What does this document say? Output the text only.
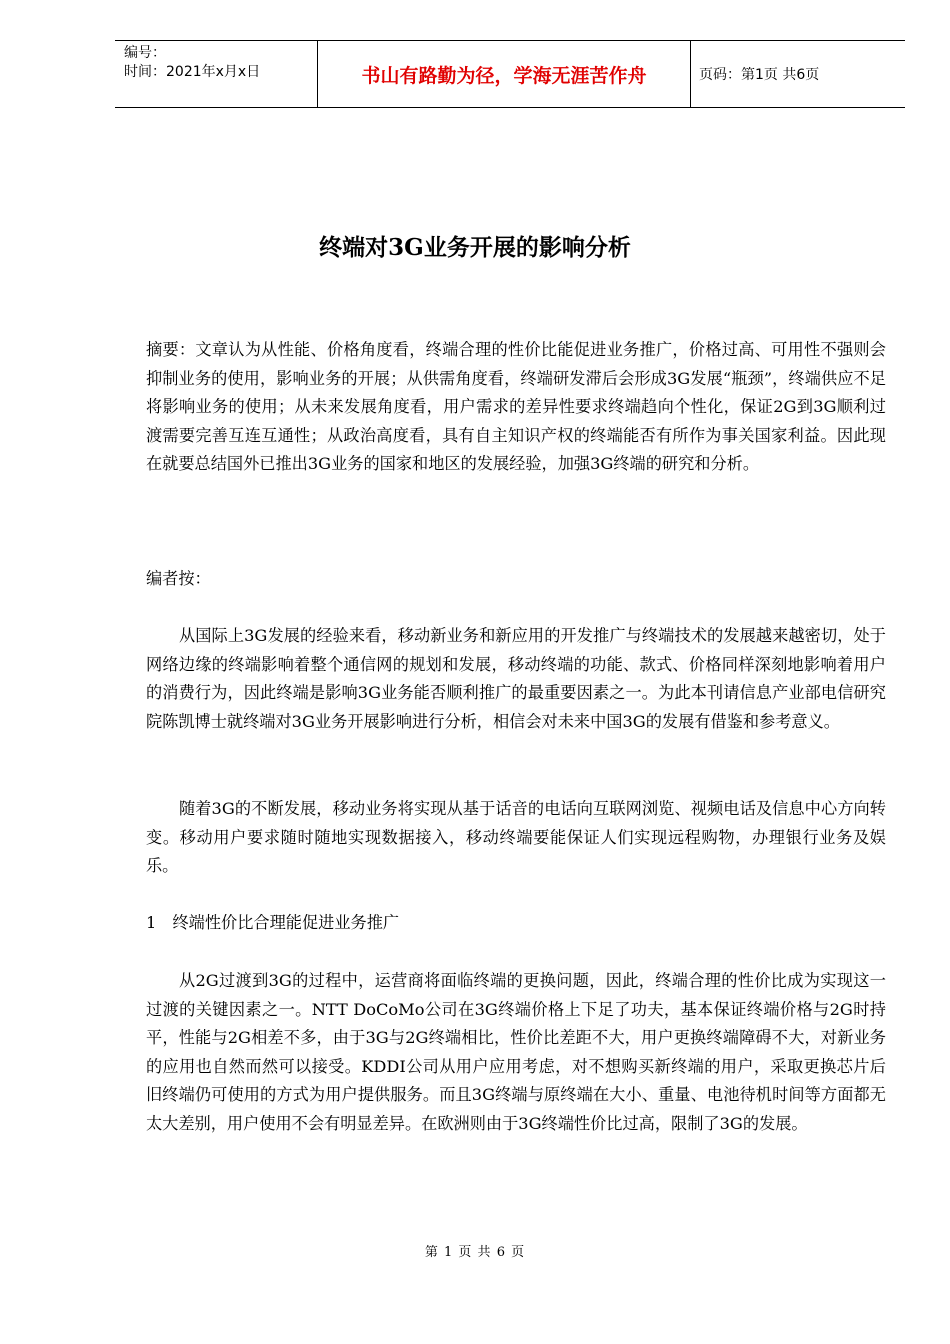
编号：
时间：2021年x月x日	书山有路勤为径，学海无涯苦作舟	页码：第1页 共6页
终端对3G业务开展的影响分析

摘要：文章认为从性能、价格角度看，终端合理的性价比能促进业务推广，价格过高、可用性不强则会抑制业务的使用，影响业务的开展；从供需角度看，终端研发滞后会形成3G发展“瓶颈”，终端供应不足将影响业务的使用；从未来发展角度看，用户需求的差异性要求终端趋向个性化，保证2G到3G顺利过渡需要完善互连互通性；从政治高度看，具有自主知识产权的终端能否有所作为事关国家利益。因此现在就要总结国外已推出3G业务的国家和地区的发展经验，加强3G终端的研究和分析。

编者按：

从国际上3G发展的经验来看，移动新业务和新应用的开发推广与终端技术的发展越来越密切，处于网络边缘的终端影响着整个通信网的规划和发展，移动终端的功能、款式、价格同样深刻地影响着用户的消费行为，因此终端是影响3G业务能否顺利推广的最重要因素之一。为此本刊请信息产业部电信研究院陈凯博士就终端对3G业务开展影响进行分析，相信会对未来中国3G的发展有借鉴和参考意义。

随着3G的不断发展，移动业务将实现从基于话音的电话向互联网浏览、视频电话及信息中心方向转变。移动用户要求随时随地实现数据接入，移动终端要能保证人们实现远程购物，办理银行业务及娱乐。

1　终端性价比合理能促进业务推广

从2G过渡到3G的过程中，运营商将面临终端的更换问题，因此，终端合理的性价比成为实现这一过渡的关键因素之一。NTT DoCoMo公司在3G终端价格上下足了功夫，基本保证终端价格与2G时持平，性能与2G相差不多，由于3G与2G终端相比，性价比差距不大，用户更换终端障碍不大，对新业务的应用也自然而然可以接受。KDDI公司从用户应用考虑，对不想购买新终端的用户，采取更换芯片后旧终端仍可使用的方式为用户提供服务。而且3G终端与原终端在大小、重量、电池待机时间等方面都无太大差别，用户使用不会有明显差异。在欧洲则由于3G终端性价比过高，限制了3G的发展。

第 1 页 共 6 页
